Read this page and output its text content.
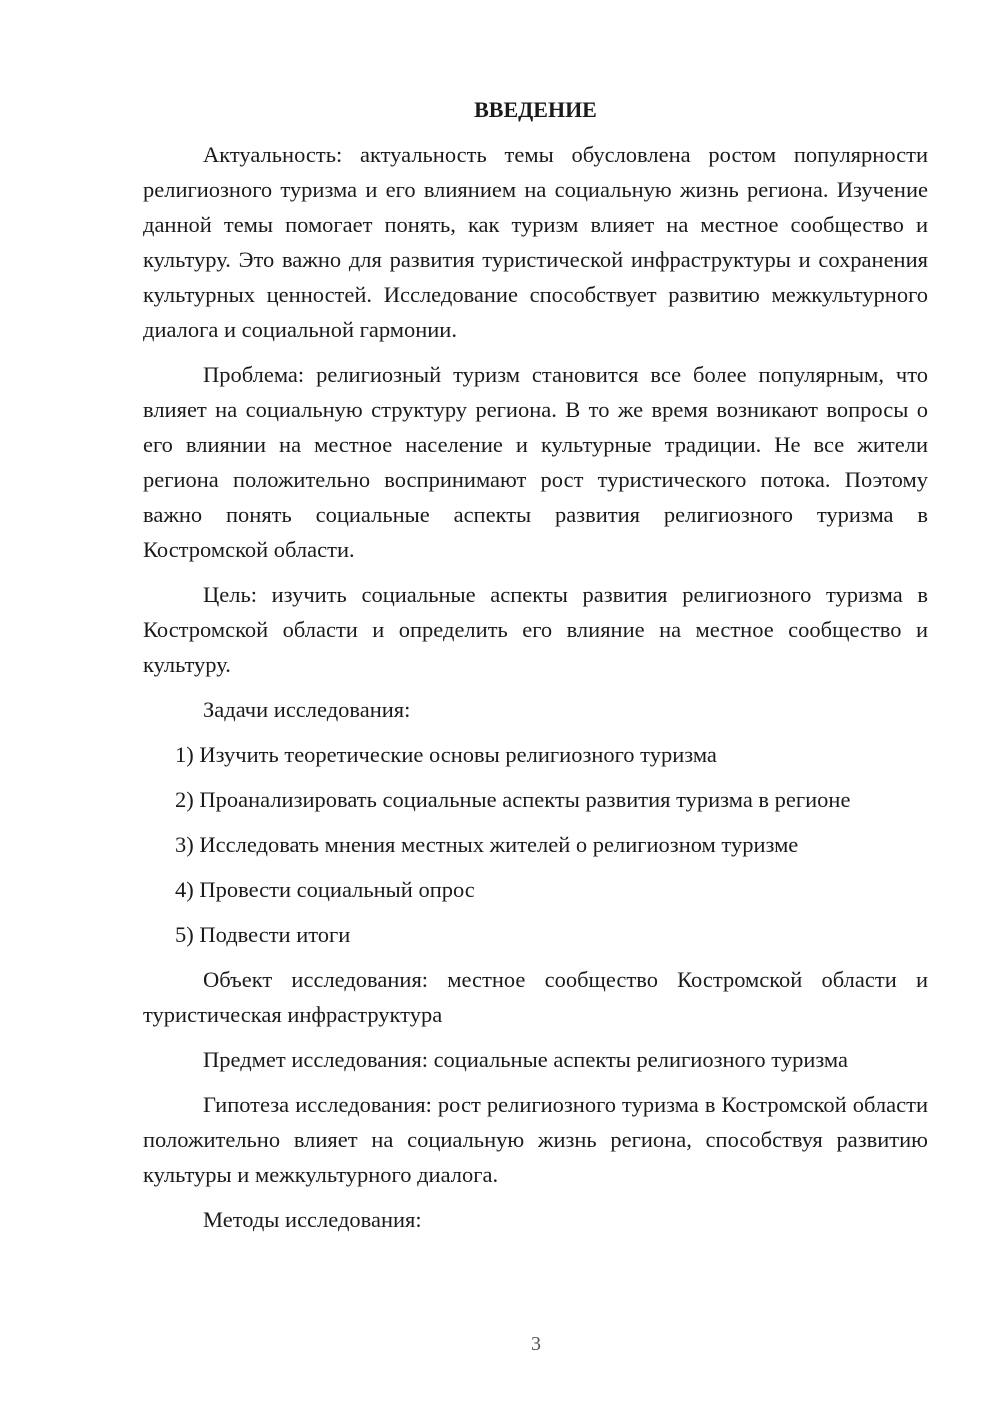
ВВЕДЕНИЕ

Актуальность: актуальность темы обусловлена ростом популярности религиозного туризма и его влиянием на социальную жизнь региона. Изучение данной темы помогает понять, как туризм влияет на местное сообщество и культуру. Это важно для развития туристической инфраструктуры и сохранения культурных ценностей. Исследование способствует развитию межкультурного диалога и социальной гармонии.

Проблема: религиозный туризм становится все более популярным, что влияет на социальную структуру региона. В то же время возникают вопросы о его влиянии на местное население и культурные традиции. Не все жители региона положительно воспринимают рост туристического потока. Поэтому важно понять социальные аспекты развития религиозного туризма в Костромской области.

Цель: изучить социальные аспекты развития религиозного туризма в Костромской области и определить его влияние на местное сообщество и культуру.

Задачи исследования:

1) Изучить теоретические основы религиозного туризма
2) Проанализировать социальные аспекты развития туризма в регионе
3) Исследовать мнения местных жителей о религиозном туризме
4) Провести социальный опрос
5) Подвести итоги

Объект исследования: местное сообщество Костромской области и туристическая инфраструктура

Предмет исследования: социальные аспекты религиозного туризма

Гипотеза исследования: рост религиозного туризма в Костромской области положительно влияет на социальную жизнь региона, способствуя развитию культуры и межкультурного диалога.

Методы исследования:

3
